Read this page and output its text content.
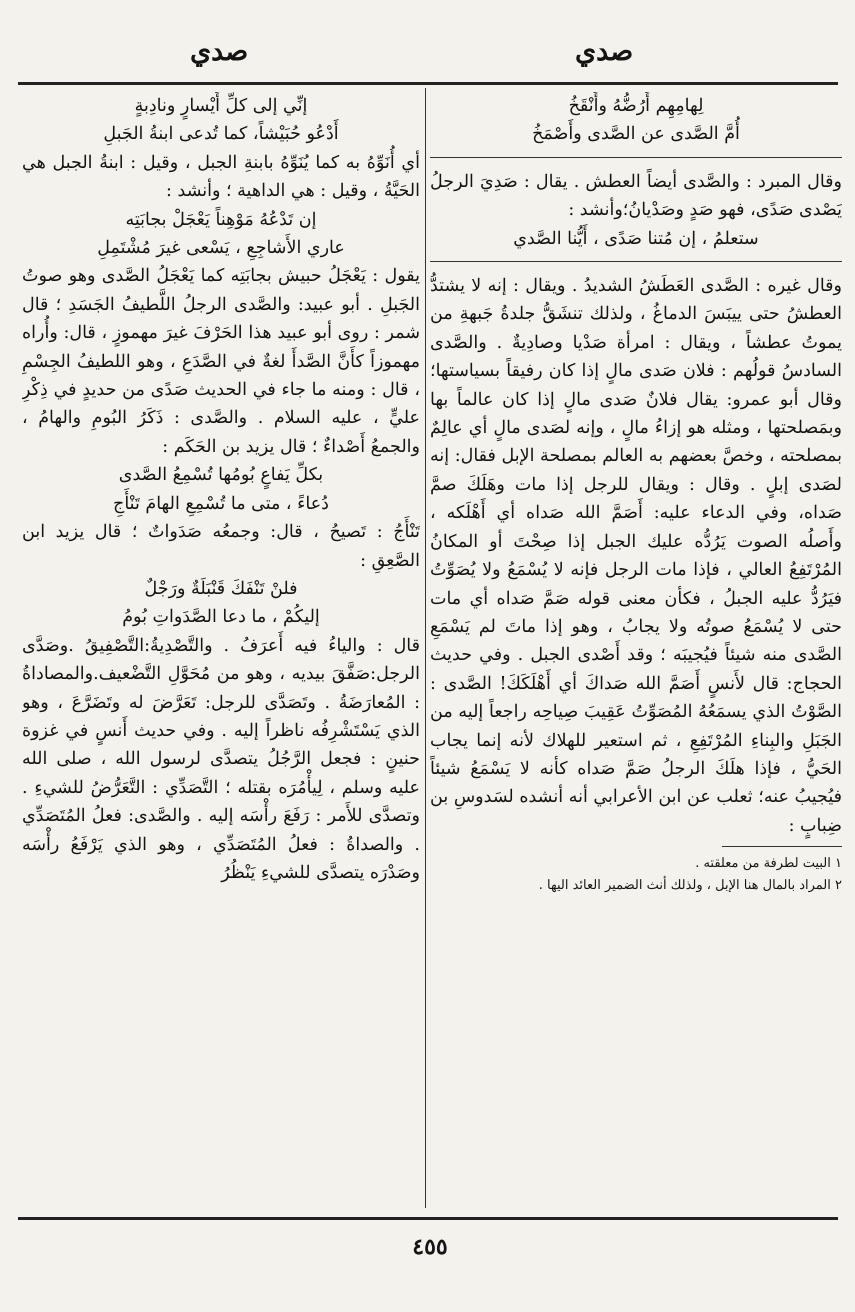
صدي	صدي

لِهامِهِم أَرُضُّهُ وأَنْقَخُ

أُمَّ الصَّدى عن الصَّدى وأَصْمَخُ

وقال المبرد : والصَّدى أيضاً العطش . يقال : صَدِيَ الرجلُ يَصْدى صَدًى، فهو صَدٍ وصَدْيانُ؛وأنشد :

ستعلمُ ، إن مُتنا صَدًى ، أَيُّنا الصَّدي

وقال غيره : الصَّدى العَطَشُ الشديدُ . ويقال : إنه لا يشتدُّ العطشُ حتى ييبَسَ الدماغُ ، ولذلك تنشَقُّ جلدةُ جَبهةِ من يموتُ عطشاً ، ويقال : امرأة صَدْيا وصادِيةٌ . والصَّدى السادسُ قولُهم : فلان صَدى مالٍ إذا كان رفيقاً بسياستها؛ وقال أبو عمرو: يقال فلانٌ صَدى مالٍ إذا كان عالماً بها وبمَصلحتها ، ومثله هو إزاءُ مالٍ ، وإنه لصَدى مالٍ أي عالِمٌ بمصلحته ، وخصَّ بعضهم به العالم بمصلحة الإبل فقال: إنه لصَدى إبلٍ . وقال : ويقال للرجل إذا مات وهَلَكَ صمَّ صَداه، وفي الدعاء عليه: أَصَمَّ الله صَداه أي أَهْلَكه ، وأَصلُه الصوت يَرُدُّه عليك الجبل إذا صِحْتَ أو المكانُ المُرْتَفِعُ العالي ، فإذا مات الرجل فإنه لا يُسْمَعُ ولا يُصَوِّتُ فيَرُدُّ عليه الجبلُ ، فكأن معنى قوله صَمَّ صَداه أي مات حتى لا يُسْمَعُ صوتُه ولا يجابُ ، وهو إذا ماتَ لم يَسْمَعِ الصَّدى منه شيئاً فيُجيبَه ؛ وقد أَصْدى الجبل . وفي حديث الحجاج: قال لأَنسٍ أَصَمَّ الله صَداكَ أي أَهْلَكَكَ! الصَّدى : الصَّوْتُ الذي يسمَعُهُ المُصَوِّتُ عَقِيبَ صِياحِه راجعاً إليه من الجَبَلِ والبِناءِ المُرْتَفِعِ ، ثم استعير للهلاك لأنه إنما يجاب الحَيُّ ، فإذا هلَكَ الرجلُ صَمَّ صَداه كأنه لا يَسْمَعُ شيئاً فيُجيبُ عنه؛ ثعلب عن ابن الأعرابي أنه أنشده لسَدوسِ بن ضِبابٍ :

١ البيت لطرفة من معلقته .

٢ المراد بالمال هنا الإبل ، ولذلك أنث الضمير العائد اليها .

إنِّي إلى كلِّ أَيْسارٍ ونادِبةٍ

أَدْعُو حُبَيْشاً، كما تُدعى ابنةُ الجَبلِ

أي أُنَوِّهُ به كما يُنَوِّهُ بابنةِ الجبل ، وقيل : ابنةُ الجبل هي الحَيَّةُ ، وقيل : هي الداهية ؛ وأنشد :

إن تَدْعُهُ مَوْهِناً يَعْجَلْ بجابَتِه

عاري الأَشاجِعِ ، يَسْعى غيرَ مُشْتَمِلِ

يقول : يَعْجَلُ حبيش بجابَتِه كما يَعْجَلُ الصَّدى وهو صوتُ الجَبلِ . أبو عبيد: والصَّدى الرجلُ اللَّطيفُ الجَسَدِ ؛ قال شمر : روى أبو عبيد هذا الحَرْفَ غيرَ مهموزٍ ، قال: وأُراه مهموزاً كأَنَّ الصَّدأَ لغةٌ في الصَّدَعِ ، وهو اللطيفُ الجِسْمِ ، قال : ومنه ما جاء في الحديث صَدًى من حديدٍ في ذِكْرِ عليٍّ ، عليه السلام . والصَّدى : ذَكَرُ البُومِ والهامُ ، والجمعُ أَصْداءٌ ؛ قال يزيد بن الحَكَم :

بكلِّ يَفاعٍ بُومُها تُسْمِعُ الصَّدى

دُعاءً ، متى ما تُسْمِعِ الهامَ تَنْأَجِ

تَنْأَجُ : تَصيحُ ، قال: وجمعُه صَدَواتٌ ؛ قال يزيد ابن الصَّعِقِ :

فلنْ تَنْفَكَ قَنْبَلَةٌ ورَجْلٌ

إليكُمْ ، ما دعا الصَّدَواتِ بُومُ

قال : والياءُ فيه أَعرَفُ . والتَّصْدِيةُ:التَّصْفِيقُ .وصَدَّى الرجل:صَفَّقَ بيديه ، وهو من مُحَوَّلِ التَّضْعيف.والمصاداةُ : المُعارَضَةُ . وتَصَدَّى للرجل: تَعَرَّضَ له وتَضَرَّعَ ، وهو الذي يَسْتَشْرِفُه ناظراً إليه . وفي حديث أَنسٍ في غزوة حنينٍ : فجعل الرَّجُلُ يتصدَّى لرسول الله ، صلى الله عليه وسلم ، لِيأْمُرَه بقتله ؛ التَّصَدِّي : التَّعَرُّضُ للشيءِ . وتصدَّى للأَمر : رَفَعَ رأْسَه إليه . والصَّدى: فعلُ المُتَصَدِّي . والصداةُ : فعلُ المُتَصَدِّي ، وهو الذي يَرْفَعُ رأْسَه وصَدْرَه يتصدَّى للشيءِ يَنْظُرُ

٤٥٥
